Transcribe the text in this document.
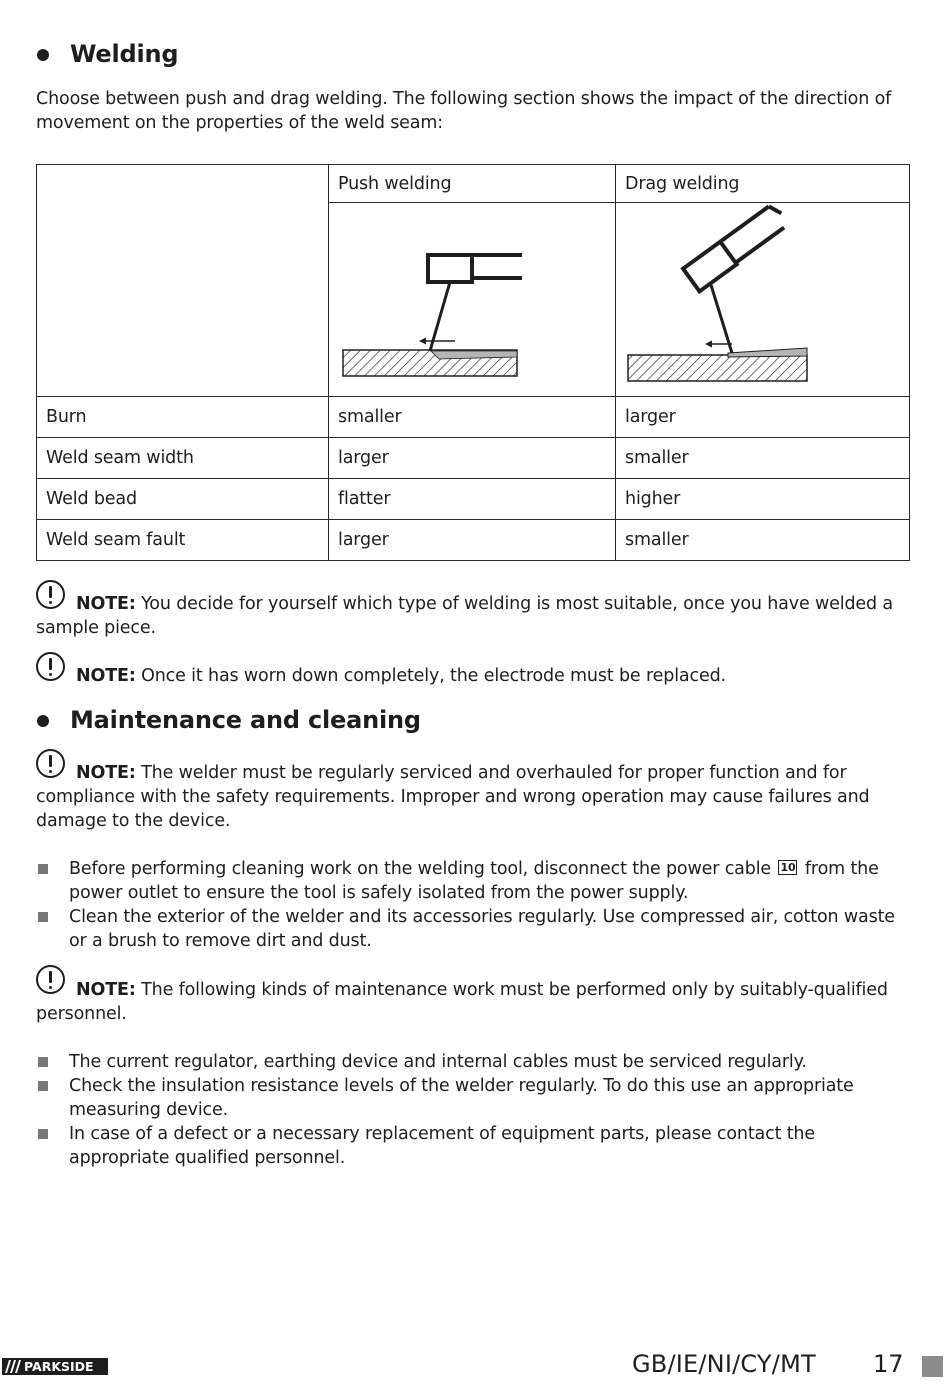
Welding
Choose between push and drag welding. The following section shows the impact of the direction of movement on the properties of the weld seam:
	Push welding	Drag welding

Burn	smaller	larger
Weld seam width	larger	smaller
Weld bead	flatter	higher
Weld seam fault	larger	smaller
NOTE: You decide for yourself which type of welding is most suitable, once you have welded a sample piece.
NOTE: Once it has worn down completely, the electrode must be replaced.
Maintenance and cleaning
NOTE: The welder must be regularly serviced and overhauled for proper function and for compliance with the safety requirements. Improper and wrong operation may cause failures and damage to the device.
Before performing cleaning work on the welding tool, disconnect the power cable 10 from the power outlet to ensure the tool is safely isolated from the power supply.
Clean the exterior of the welder and its accessories regularly. Use compressed air, cotton waste or a brush to remove dirt and dust.
NOTE: The following kinds of maintenance work must be performed only by suitably-qualified personnel.
The current regulator, earthing device and internal cables must be serviced regularly.
Check the insulation resistance levels of the welder regularly. To do this use an appropriate measuring device.
In case of a defect or a necessary replacement of equipment parts, please contact the appropriate qualified personnel.
PARKSIDE	GB/IE/NI/CY/MT 17
